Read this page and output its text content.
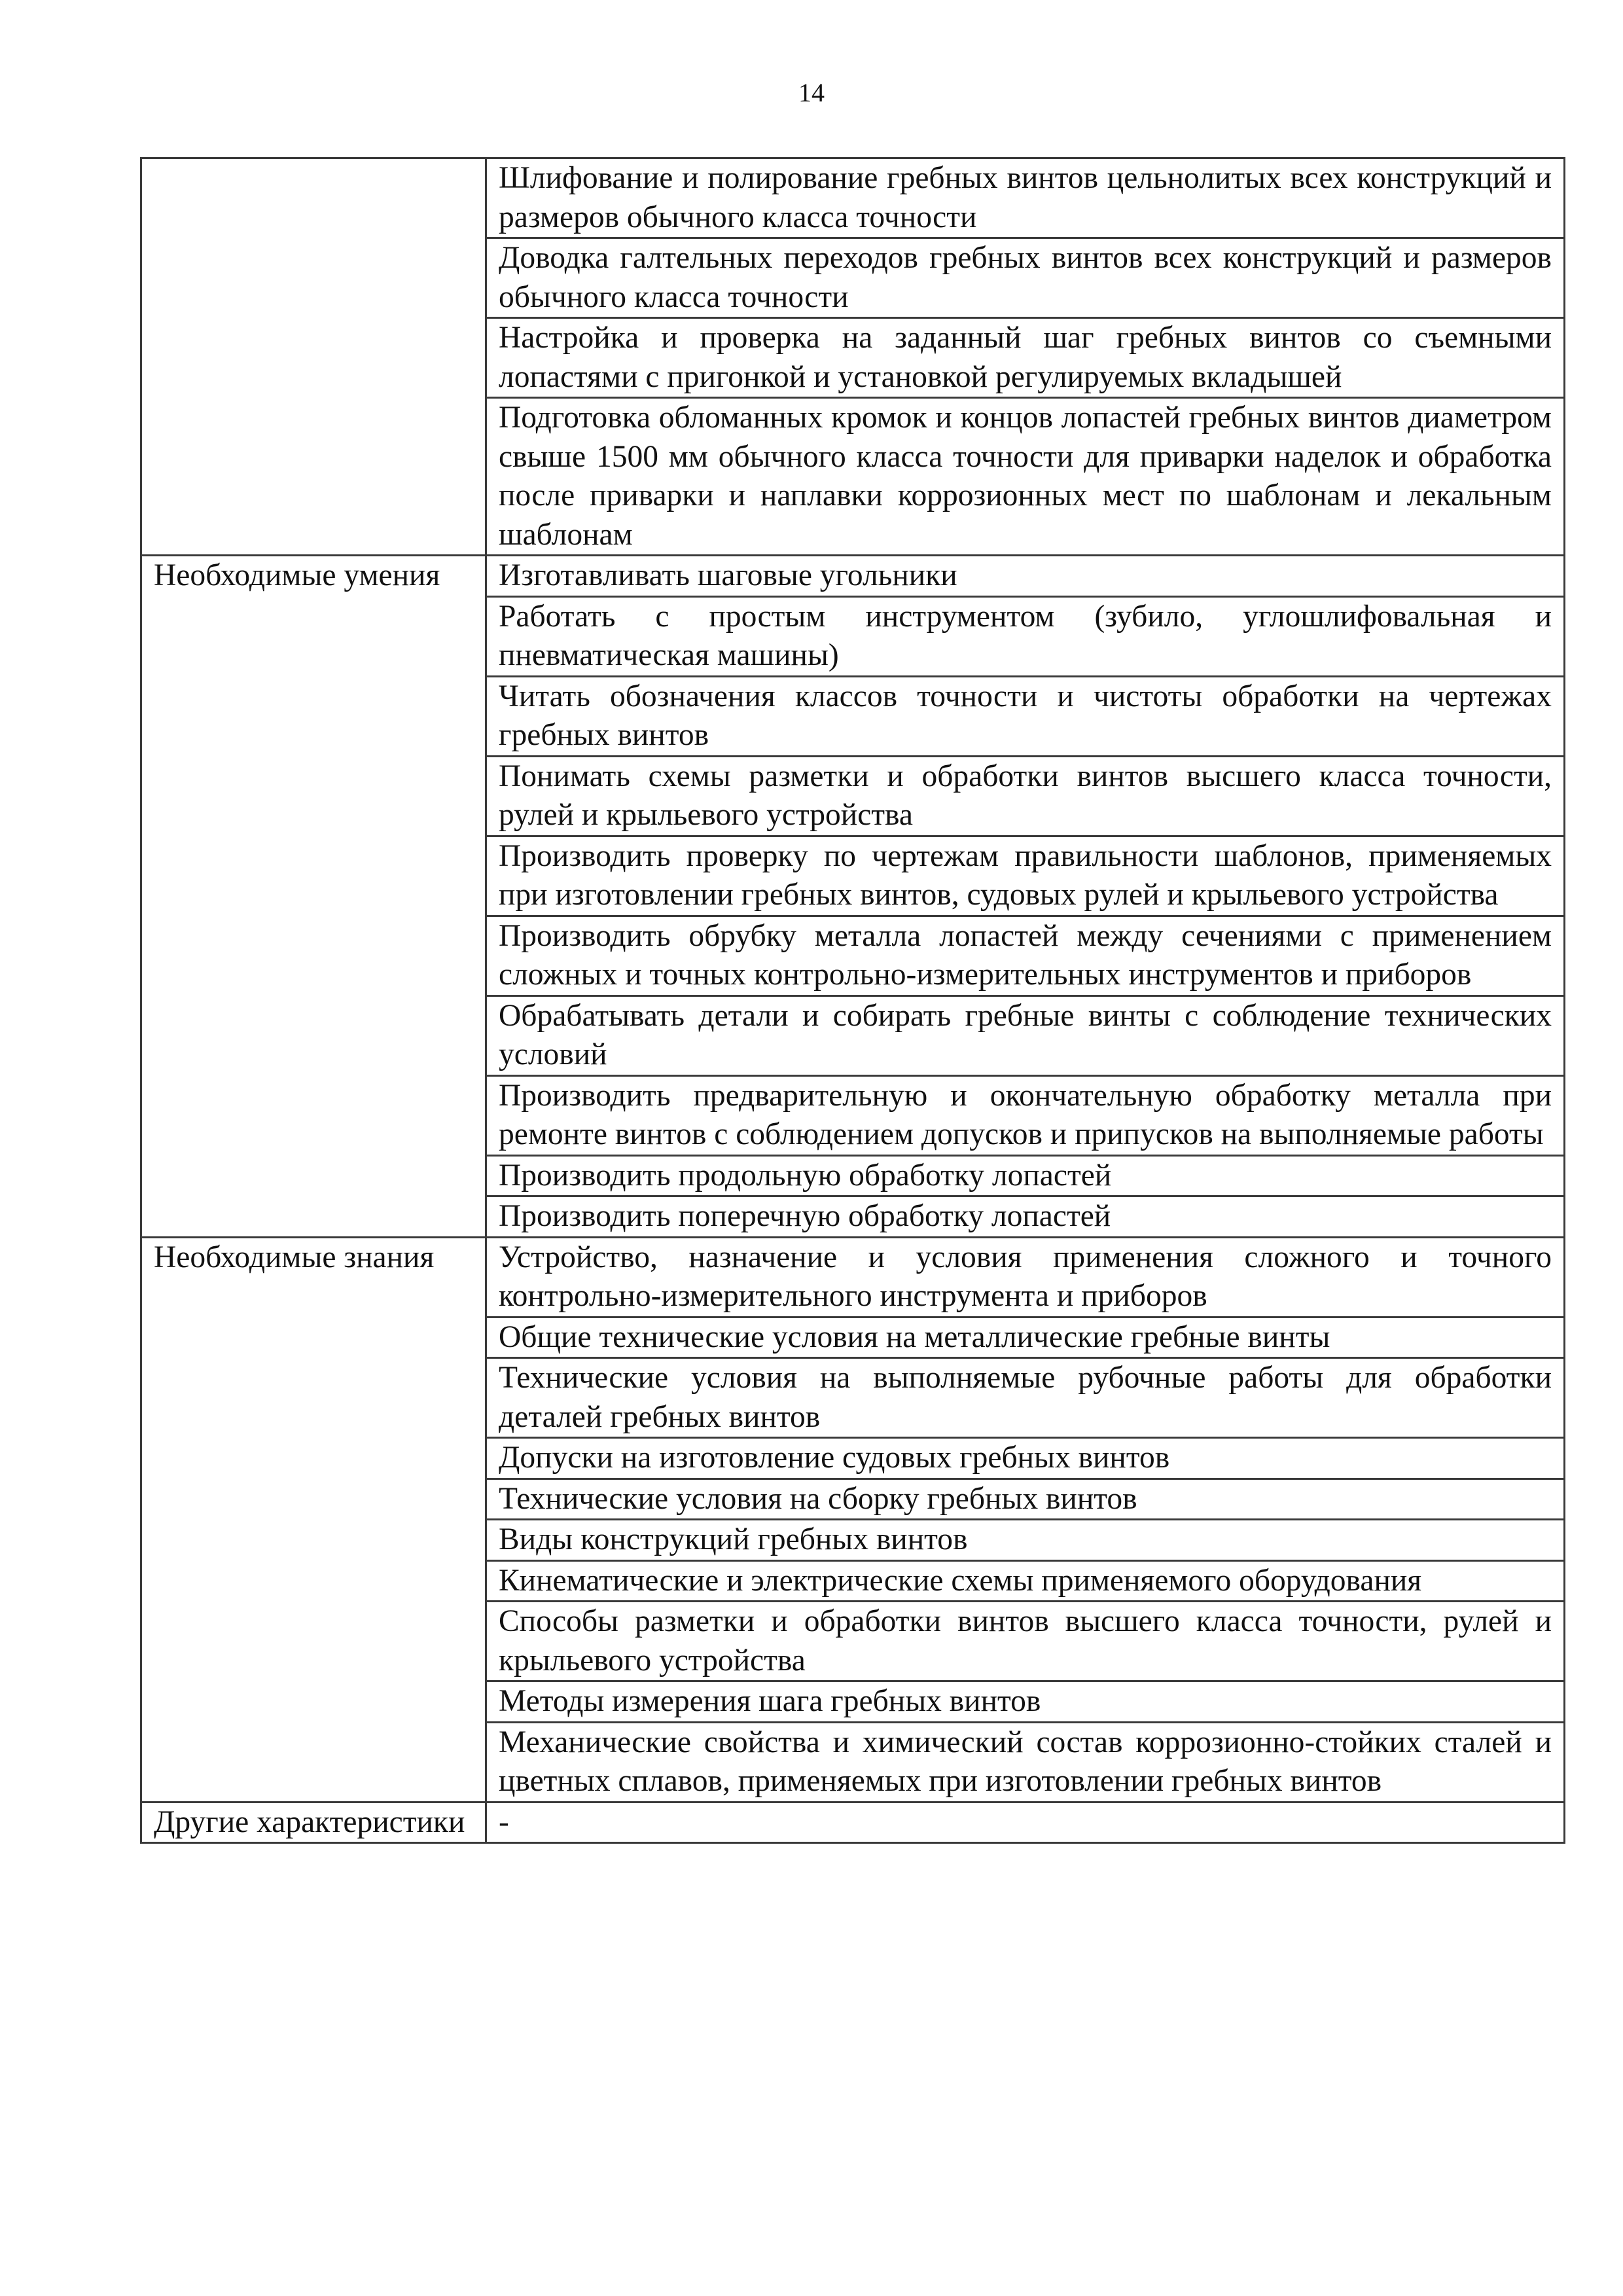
14
	Шлифование и полирование гребных винтов цельнолитых всех конструкций и размеров обычного класса точности
	Доводка галтельных переходов гребных винтов всех конструкций и размеров обычного класса точности
	Настройка и проверка на заданный шаг гребных винтов со съемными лопастями с пригонкой и установкой регулируемых вкладышей
	Подготовка обломанных кромок и концов лопастей гребных винтов диаметром свыше 1500 мм обычного класса точности для приварки наделок и обработка после приварки и наплавки коррозионных мест по шаблонам и лекальным шаблонам
Необходимые умения	Изготавливать шаговые угольники
	Работать с простым инструментом (зубило, углошлифовальная и пневматическая машины)
	Читать обозначения классов точности и чистоты обработки на чертежах гребных винтов
	Понимать схемы разметки и обработки винтов высшего класса точности, рулей и крыльевого устройства
	Производить проверку по чертежам правильности шаблонов, применяемых при изготовлении гребных винтов, судовых рулей и крыльевого устройства
	Производить обрубку металла лопастей между сечениями с применением сложных и точных контрольно-измерительных инструментов и приборов
	Обрабатывать детали и собирать гребные винты с соблюдение технических условий
	Производить предварительную и окончательную обработку металла при ремонте винтов с соблюдением допусков и припусков на выполняемые работы
	Производить продольную обработку лопастей
	Производить поперечную обработку лопастей
Необходимые знания	Устройство, назначение и условия применения сложного и точного контрольно-измерительного инструмента и приборов
	Общие технические условия на металлические гребные винты
	Технические условия на выполняемые рубочные работы для обработки деталей гребных винтов
	Допуски на изготовление судовых гребных винтов
	Технические условия на сборку гребных винтов
	Виды конструкций гребных винтов
	Кинематические и электрические схемы применяемого оборудования
	Способы разметки и обработки винтов высшего класса точности, рулей и крыльевого устройства
	Методы измерения шага гребных винтов
	Механические свойства и химический состав коррозионно-стойких сталей и цветных сплавов, применяемых при изготовлении гребных винтов
Другие характеристики	-
